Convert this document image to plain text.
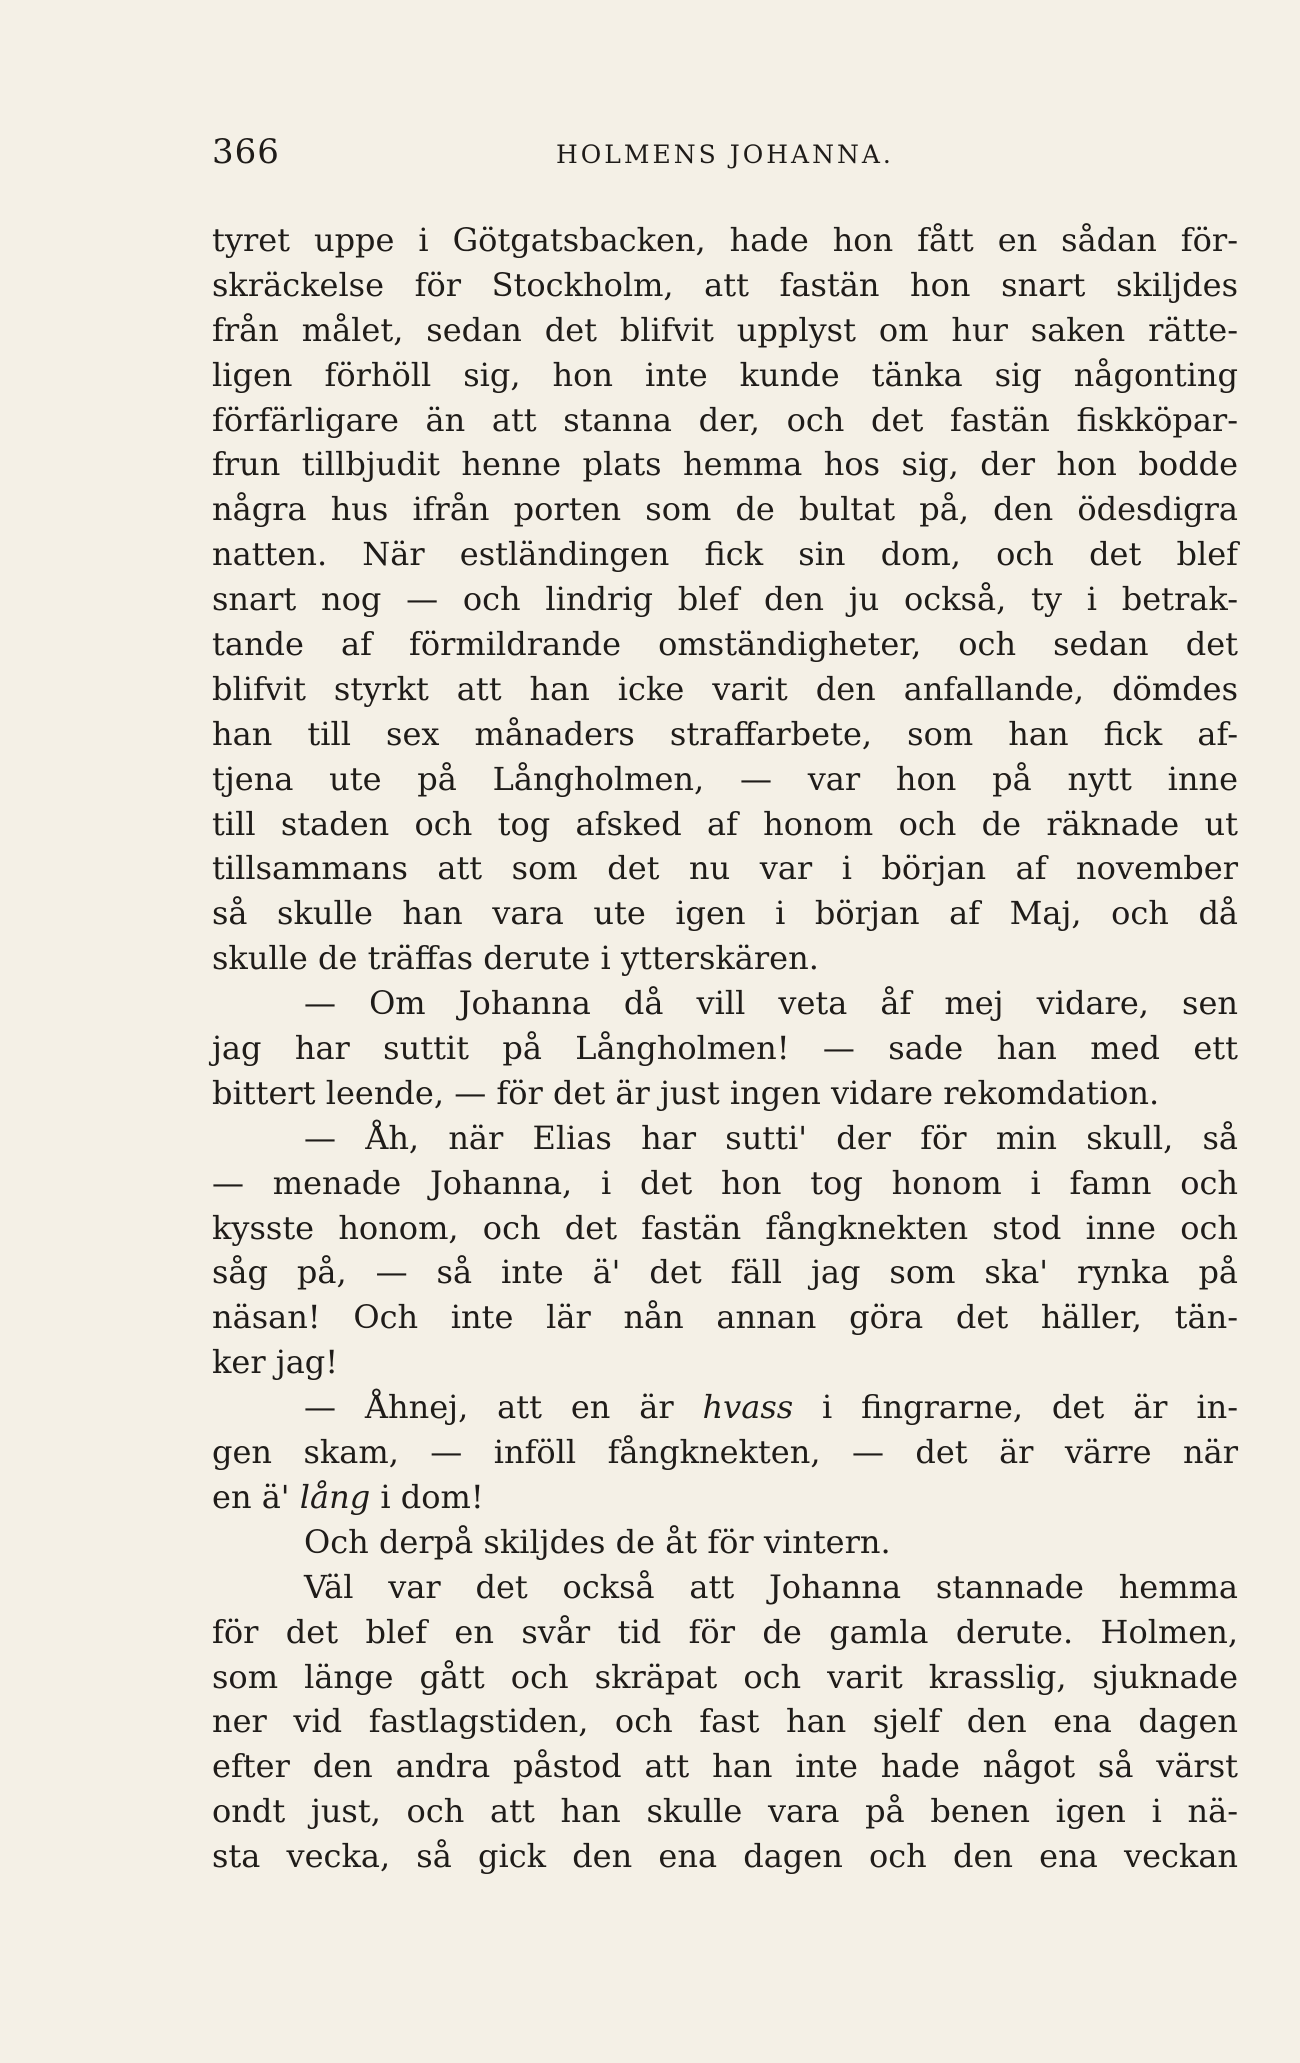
366	HOLMENS JOHANNA.
tyret uppe i Götgatsbacken, hade hon fått en sådan för-
skräckelse för Stockholm, att fastän hon snart skiljdes
från målet, sedan det blifvit upplyst om hur saken rätte-
ligen förhöll sig, hon inte kunde tänka sig någonting
förfärligare än att stanna der, och det fastän fiskköpar-
frun tillbjudit henne plats hemma hos sig, der hon bodde
några hus ifrån porten som de bultat på, den ödesdigra
natten. När estländingen fick sin dom, och det blef
snart nog — och lindrig blef den ju också, ty i betrak-
tande af förmildrande omständigheter, och sedan det
blifvit styrkt att han icke varit den anfallande, dömdes
han till sex månaders straffarbete, som han fick af-
tjena ute på Långholmen, — var hon på nytt inne
till staden och tog afsked af honom och de räknade ut
tillsammans att som det nu var i början af november
så skulle han vara ute igen i början af Maj, och då
skulle de träffas derute i ytterskären.
— Om Johanna då vill veta åf mej vidare, sen
jag har suttit på Långholmen! — sade han med ett
bittert leende, — för det är just ingen vidare rekomdation.
— Åh, när Elias har sutti' der för min skull, så
— menade Johanna, i det hon tog honom i famn och
kysste honom, och det fastän fångknekten stod inne och
såg på, — så inte ä' det fäll jag som ska' rynka på
näsan! Och inte lär nån annan göra det häller, tän-
ker jag!
— Åhnej, att en är hvass i fingrarne, det är in-
gen skam, — inföll fångknekten, — det är värre när
en ä' lång i dom!
Och derpå skiljdes de åt för vintern.
Väl var det också att Johanna stannade hemma
för det blef en svår tid för de gamla derute. Holmen,
som länge gått och skräpat och varit krasslig, sjuknade
ner vid fastlagstiden, och fast han sjelf den ena dagen
efter den andra påstod att han inte hade något så värst
ondt just, och att han skulle vara på benen igen i nä-
sta vecka, så gick den ena dagen och den ena veckan
